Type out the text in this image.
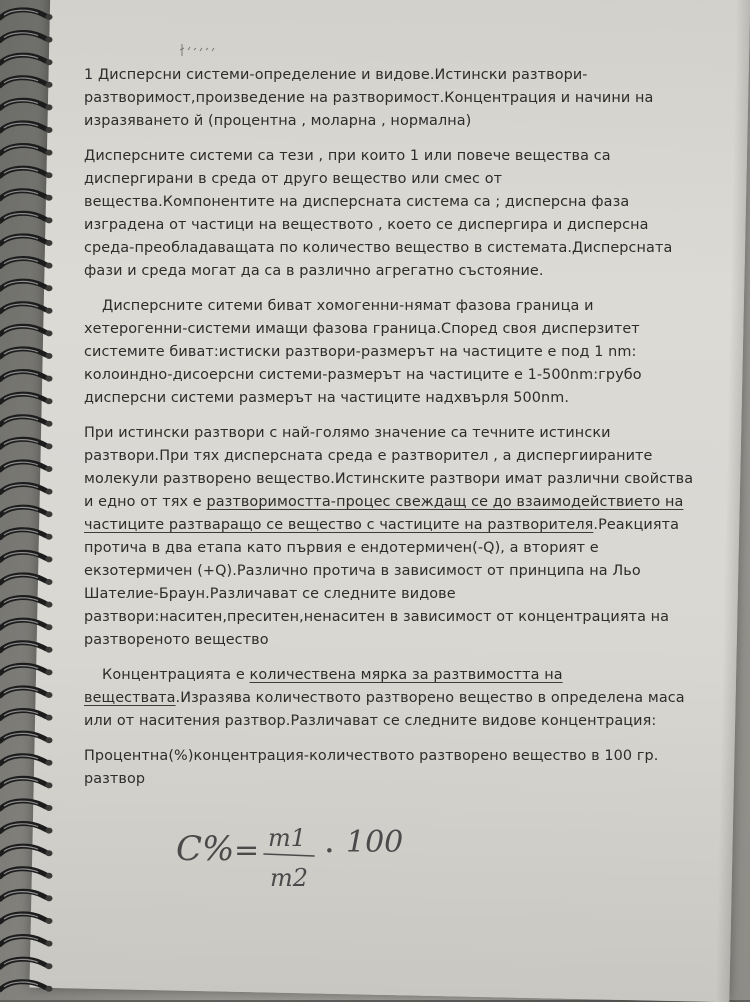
1 Дисперсни системи-определение и видове.Истински разтвори-разтворимост,произведение на разтворимост.Концентрация и начини на изразяването й (процентна , моларна , нормална)

Дисперсните системи са тези , при които 1 или повече вещества са диспергирани в среда от друго вещество или смес от вещества.Компонентите на дисперсната система са ; дисперсна фаза изградена от частици на веществото , което се диспергира и дисперсна среда-преобладаващата по количество вещество в системата.Дисперсната фази и среда могат да са в различно агрегатно състояние.

Дисперсните ситеми биват хомогенни-нямат фазова граница и хетерогенни-системи имащи фазова граница.Според своя дисперзитет системите биват:истиски разтвори-размерът на частиците е под 1 nm: колоиндно-дисоерсни системи-размерът на частиците е 1-500nm:грубо дисперсни системи размерът на частиците надхвърля 500nm.

При истински разтвори с най-голямо значение са течните истински разтвори.При тях дисперсната среда е разтворител , а диспергиираните молекули разтворено вещество.Истинските разтвори имат различни свойства и едно от тях е разтворимостта-процес свеждащ се до взаимодействието на частиците разтваращо се вещество с частиците на разтворителя.Реакцията протича в два етапа като първия е ендотермичен(-Q), а вторият е екзотермичен (+Q).Различно протича в зависимост от принципа на Льо Шателие-Браун.Различават се следните видове разтвори:наситен,преситен,ненаситен в зависимост от концентрацията на разтвореното вещество

Концентрацията е количествена мярка за разтвимостта на веществата.Изразява количеството разтворено вещество в определена маса или от наситения разтвор.Различават се следните видове концентрация:

Процентна(%)концентрация-количеството разтворено вещество в 100 гр. разтвор

C% = m1
m2
· 100
